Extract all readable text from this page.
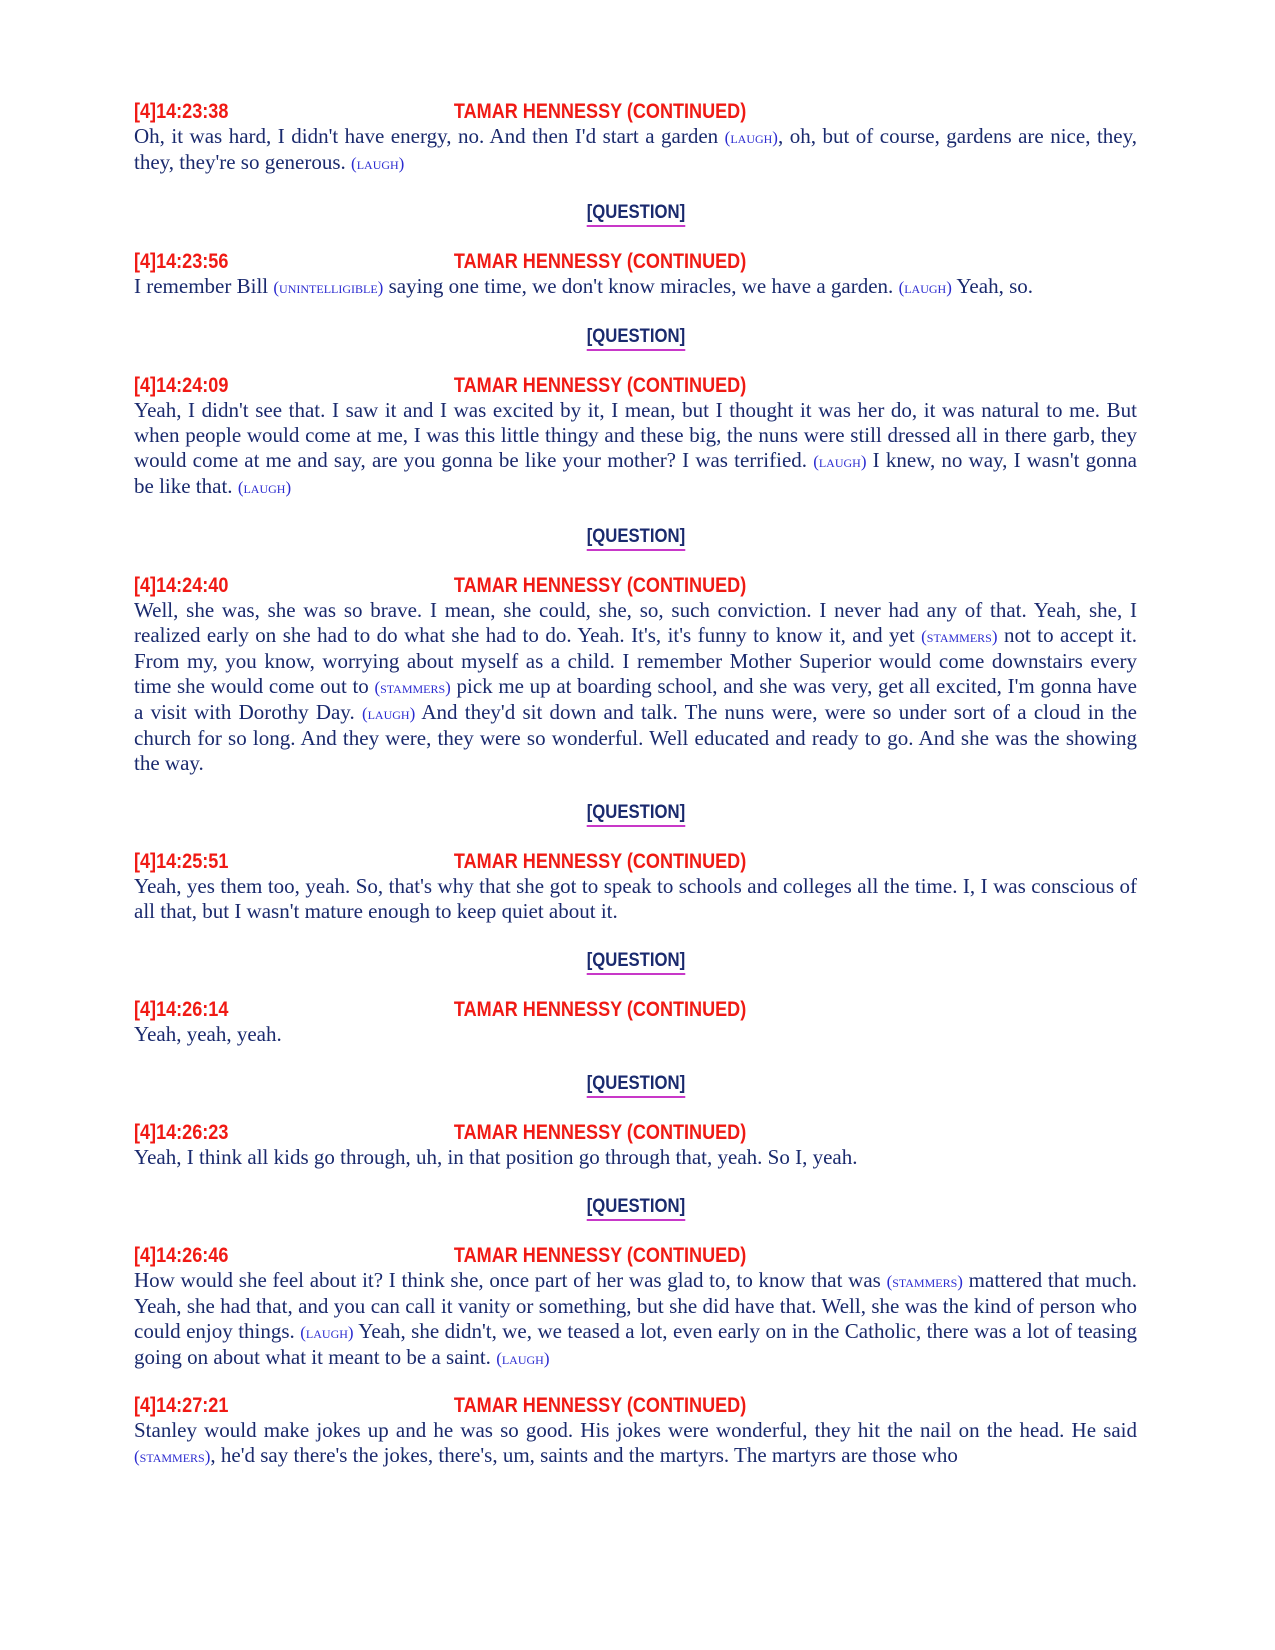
[4]14:23:38	TAMAR HENNESSY (CONTINUED)
Oh, it was hard, I didn't have energy, no. And then I'd start a garden (laugh), oh, but of course, gardens are nice, they, they, they're so generous. (laugh)
[QUESTION]
[4]14:23:56	TAMAR HENNESSY (CONTINUED)
I remember Bill (unintelligible) saying one time, we don't know miracles, we have a garden. (laugh) Yeah, so.
[QUESTION]
[4]14:24:09	TAMAR HENNESSY (CONTINUED)
Yeah, I didn't see that. I saw it and I was excited by it, I mean, but I thought it was her do, it was natural to me. But when people would come at me, I was this little thingy and these big, the nuns were still dressed all in there garb, they would come at me and say, are you gonna be like your mother? I was terrified. (laugh) I knew, no way, I wasn't gonna be like that. (laugh)
[QUESTION]
[4]14:24:40	TAMAR HENNESSY (CONTINUED)
Well, she was, she was so brave. I mean, she could, she, so, such conviction. I never had any of that. Yeah, she, I realized early on she had to do what she had to do. Yeah. It's, it's funny to know it, and yet (stammers) not to accept it. From my, you know, worrying about myself as a child. I remember Mother Superior would come downstairs every time she would come out to (stammers) pick me up at boarding school, and she was very, get all excited, I'm gonna have a visit with Dorothy Day. (laugh) And they'd sit down and talk. The nuns were, were so under sort of a cloud in the church for so long. And they were, they were so wonderful. Well educated and ready to go. And she was the showing the way.
[QUESTION]
[4]14:25:51	TAMAR HENNESSY (CONTINUED)
Yeah, yes them too, yeah. So, that's why that she got to speak to schools and colleges all the time. I, I was conscious of all that, but I wasn't mature enough to keep quiet about it.
[QUESTION]
[4]14:26:14	TAMAR HENNESSY (CONTINUED)
Yeah, yeah, yeah.
[QUESTION]
[4]14:26:23	TAMAR HENNESSY (CONTINUED)
Yeah, I think all kids go through, uh, in that position go through that, yeah. So I, yeah.
[QUESTION]
[4]14:26:46	TAMAR HENNESSY (CONTINUED)
How would she feel about it? I think she, once part of her was glad to, to know that was (stammers) mattered that much. Yeah, she had that, and you can call it vanity or something, but she did have that. Well, she was the kind of person who could enjoy things. (laugh) Yeah, she didn't, we, we teased a lot, even early on in the Catholic, there was a lot of teasing going on about what it meant to be a saint. (laugh)
[4]14:27:21	TAMAR HENNESSY (CONTINUED)
Stanley would make jokes up and he was so good. His jokes were wonderful, they hit the nail on the head. He said (stammers), he'd say there's the jokes, there's, um, saints and the martyrs. The martyrs are those who
